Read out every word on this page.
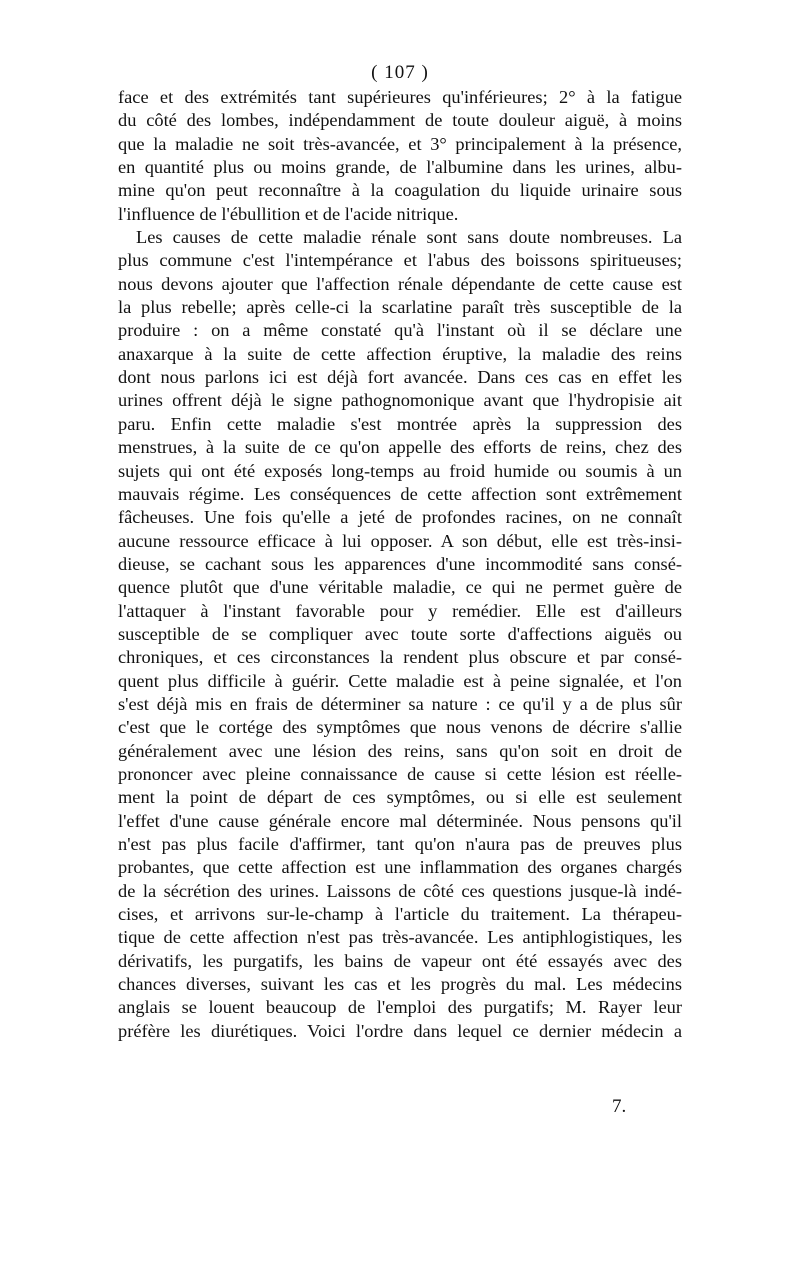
( 107 )
face et des extrémités tant supérieures qu'inférieures; 2° à la fatigue
du côté des lombes, indépendamment de toute douleur aiguë, à moins
que la maladie ne soit très-avancée, et 3° principalement à la présence,
en quantité plus ou moins grande, de l'albumine dans les urines, albu-
mine qu'on peut reconnaître à la coagulation du liquide urinaire sous
l'influence de l'ébullition et de l'acide nitrique.
Les causes de cette maladie rénale sont sans doute nombreuses. La
plus commune c'est l'intempérance et l'abus des boissons spiritueuses;
nous devons ajouter que l'affection rénale dépendante de cette cause est
la plus rebelle; après celle-ci la scarlatine paraît très susceptible de la
produire : on a même constaté qu'à l'instant où il se déclare une
anaxarque à la suite de cette affection éruptive, la maladie des reins
dont nous parlons ici est déjà fort avancée. Dans ces cas en effet les
urines offrent déjà le signe pathognomonique avant que l'hydropisie ait
paru. Enfin cette maladie s'est montrée après la suppression des
menstrues, à la suite de ce qu'on appelle des efforts de reins, chez des
sujets qui ont été exposés long-temps au froid humide ou soumis à un
mauvais régime. Les conséquences de cette affection sont extrêmement
fâcheuses. Une fois qu'elle a jeté de profondes racines, on ne connaît
aucune ressource efficace à lui opposer. A son début, elle est très-insi-
dieuse, se cachant sous les apparences d'une incommodité sans consé-
quence plutôt que d'une véritable maladie, ce qui ne permet guère de
l'attaquer à l'instant favorable pour y remédier. Elle est d'ailleurs
susceptible de se compliquer avec toute sorte d'affections aiguës ou
chroniques, et ces circonstances la rendent plus obscure et par consé-
quent plus difficile à guérir. Cette maladie est à peine signalée, et l'on
s'est déjà mis en frais de déterminer sa nature : ce qu'il y a de plus sûr
c'est que le cortége des symptômes que nous venons de décrire s'allie
généralement avec une lésion des reins, sans qu'on soit en droit de
prononcer avec pleine connaissance de cause si cette lésion est réelle-
ment la point de départ de ces symptômes, ou si elle est seulement
l'effet d'une cause générale encore mal déterminée. Nous pensons qu'il
n'est pas plus facile d'affirmer, tant qu'on n'aura pas de preuves plus
probantes, que cette affection est une inflammation des organes chargés
de la sécrétion des urines. Laissons de côté ces questions jusque-là indé-
cises, et arrivons sur-le-champ à l'article du traitement. La thérapeu-
tique de cette affection n'est pas très-avancée. Les antiphlogistiques, les
dérivatifs, les purgatifs, les bains de vapeur ont été essayés avec des
chances diverses, suivant les cas et les progrès du mal. Les médecins
anglais se louent beaucoup de l'emploi des purgatifs; M. Rayer leur
préfère les diurétiques. Voici l'ordre dans lequel ce dernier médecin a
7.
